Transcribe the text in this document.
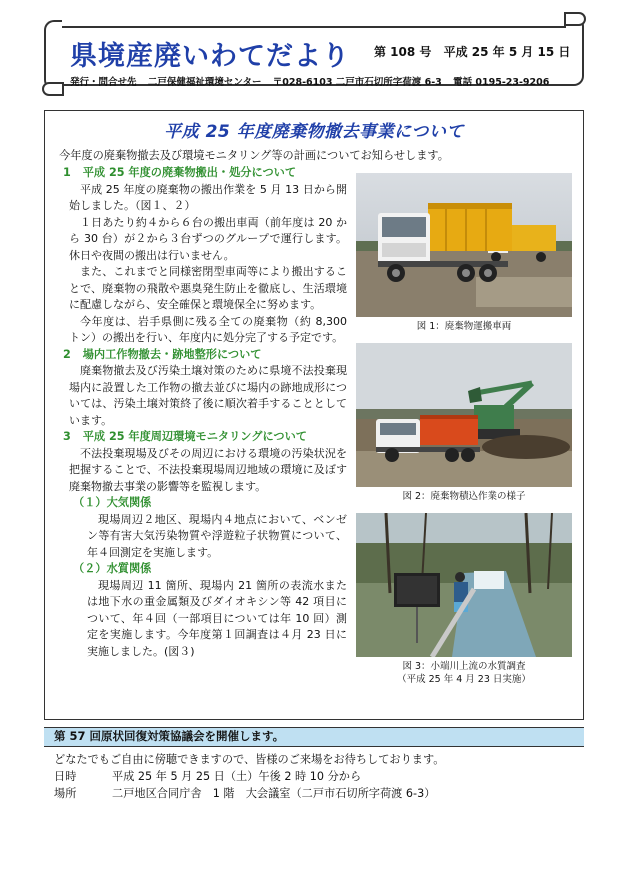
県境産廃いわてだより 第 108 号 平成 25 年 5 月 15 日
発行・問合せ先 二戸保健福祉環境センター 〒028-6103 二戸市石切所字荷渡 6-3 電話 0195-23-9206
平成 25 年度廃棄物撤去事業について
今年度の廃棄物撤去及び環境モニタリング等の計画についてお知らせします。
1 平成 25 年度の廃棄物搬出・処分について

平成 25 年度の廃棄物の搬出作業を 5 月 13 日から開始しました。（図１、２）

１日あたり約４から６台の搬出車両（前年度は 20 から 30 台）が２から３台ずつのグループで運行します。休日や夜間の搬出は行いません。

また、これまでと同様密閉型車両等により搬出することで、廃棄物の飛散や悪臭発生防止を徹底し、生活環境に配慮しながら、安全確保と環境保全に努めます。

今年度は、岩手県側に残る全ての廃棄物（約 8,300 トン）の搬出を行い、年度内に処分完了する予定です。

2 場内工作物撤去・跡地整形について

廃棄物撤去及び汚染土壌対策のために県境不法投棄現場内に設置した工作物の撤去並びに場内の跡地成形については、汚染土壌対策終了後に順次着手することとしています。

3 平成 25 年度周辺環境モニタリングについて

不法投棄現場及びその周辺における環境の汚染状況を把握することで、不法投棄現場周辺地域の環境に及ぼす廃棄物撤去事業の影響等を監視します。

（１）大気関係

現場周辺２地区、現場内４地点において、ベンゼン等有害大気汚染物質や浮遊粒子状物質について、年４回測定を実施します。

（２）水質関係

現場周辺 11 箇所、現場内 21 箇所の表流水または地下水の重金属類及びダイオキシン等 42 項目について、年４回（一部項目については年 10 回）測定を実施します。今年度第１回調査は４月 23 日に実施しました。(図３)

図 1：廃棄物運搬車両
図 2：廃棄物積込作業の様子
図 3：小端川上流の水質調査
（平成 25 年 4 月 23 日実施）
第 57 回原状回復対策協議会を開催します。
どなたでもご自由に傍聴できますので、皆様のご来場をお待ちしております。
日時	平成 25 年 5 月 25 日（土）午後 2 時 10 分から
場所	二戸地区合同庁舎　1 階　大会議室（二戸市石切所字荷渡 6-3）
